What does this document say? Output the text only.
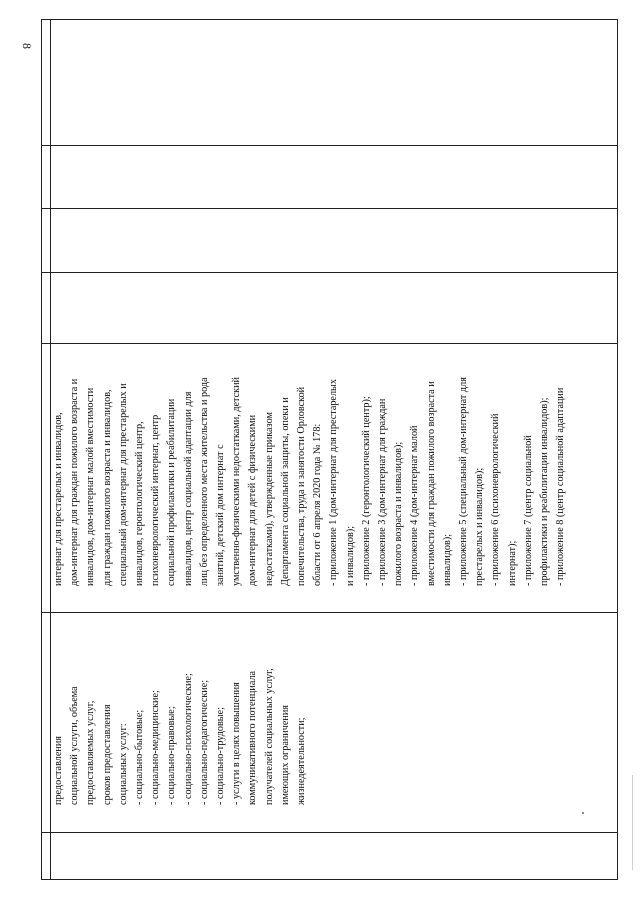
8
интернат для престарелых и инвалидов, дом-интернат для граждан пожилого возраста и инвалидов, дом-интернат малой вместимости для граждан пожилого возраста и инвалидов, специальный дом-интернат для престарелых и инвалидов, геронтологический центр, психоневрологический интернат, центр социальной профилактики и реабилитации инвалидов, центр социальной адаптации для лиц без определенного места жительства и рода занятий, детский дом интернат с умственно-физическими недостатками, детский дом-интернат для детей с физическими недостатками), утвержденные приказом Департамента социальной защиты, опеки и попечительства, труда и занятости Орловской области от 6 апреля 2020 года № 178: - приложение 1 (дом-интернат для престарелых и инвалидов); - приложение 2 (геронтологический центр); - приложение 3 (дом-интернат для граждан пожилого возраста и инвалидов); - приложение 4 (дом-интернат малой вместимости для граждан пожилого возраста и инвалидов); - приложение 5 (специальный дом-интернат для престарелых и инвалидов); - приложение 6 (психоневрологический интернат); - приложение 7 (центр социальной профилактики и реабилитации инвалидов); - приложение 8 (центр социальной адаптации
предоставления социальной услуги, объема предоставляемых услуг, сроков предоставления социальных услуг: - социально-бытовые; - социально-медицинские; - социально-правовые; - социально-психологические; - социально-педагогические; - социально-трудовые; - услуги в целях повышения коммуникативного потенциала получателей социальных услуг, имеющих ограничения жизнедеятельности;
